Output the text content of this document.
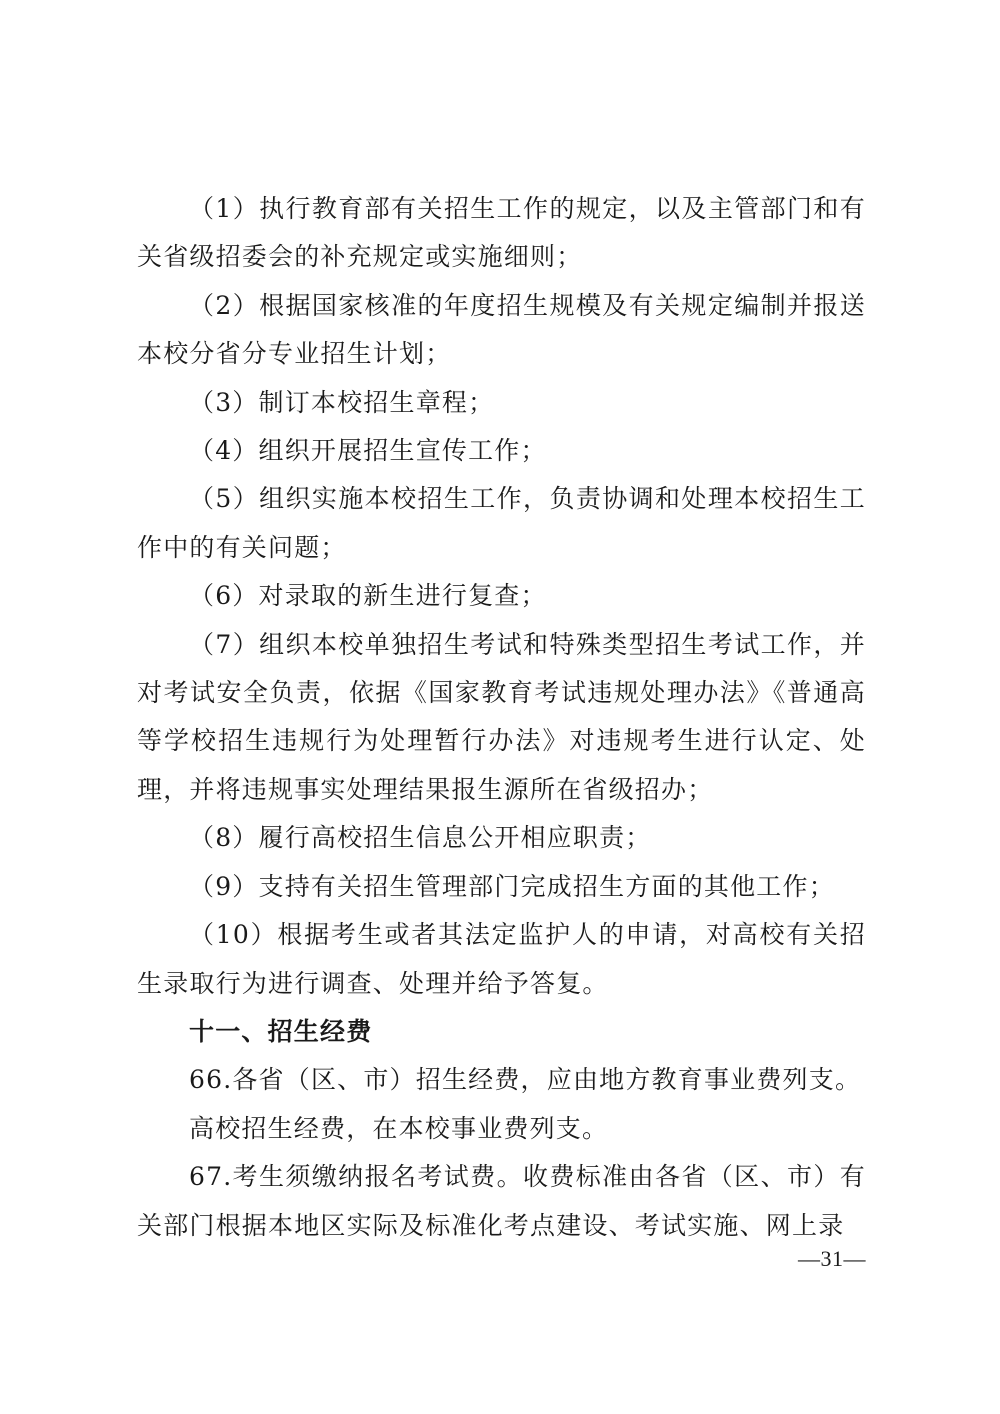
（1）执行教育部有关招生工作的规定，以及主管部门和有关省级招委会的补充规定或实施细则；

（2）根据国家核准的年度招生规模及有关规定编制并报送本校分省分专业招生计划；

（3）制订本校招生章程；

（4）组织开展招生宣传工作；

（5）组织实施本校招生工作，负责协调和处理本校招生工作中的有关问题；

（6）对录取的新生进行复查；

（7）组织本校单独招生考试和特殊类型招生考试工作，并对考试安全负责，依据《国家教育考试违规处理办法》《普通高等学校招生违规行为处理暂行办法》对违规考生进行认定、处理，并将违规事实处理结果报生源所在省级招办；

（8）履行高校招生信息公开相应职责；

（9）支持有关招生管理部门完成招生方面的其他工作；

（10）根据考生或者其法定监护人的申请，对高校有关招生录取行为进行调查、处理并给予答复。

十一、招生经费

66.各省（区、市）招生经费，应由地方教育事业费列支。

高校招生经费，在本校事业费列支。

67.考生须缴纳报名考试费。收费标准由各省（区、市）有关部门根据本地区实际及标准化考点建设、考试实施、网上录

—31—
